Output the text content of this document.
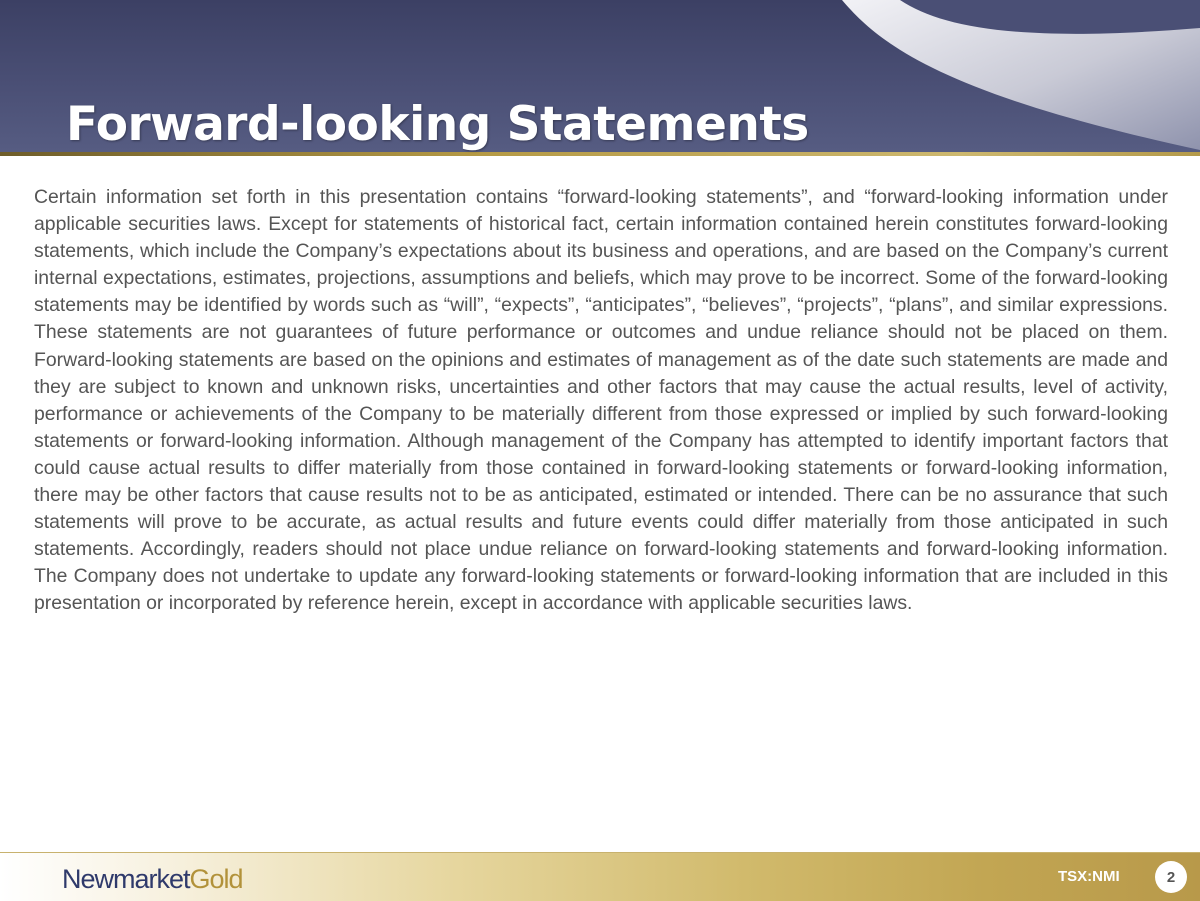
Forward-looking Statements

Certain information set forth in this presentation contains “forward-looking statements”, and “forward-looking information under applicable securities laws. Except for statements of historical fact, certain information contained herein constitutes forward-looking statements, which include the Company’s expectations about its business and operations, and are based on the Company’s current internal expectations, estimates, projections, assumptions and beliefs, which may prove to be incorrect. Some of the forward-looking statements may be identified by words such as “will”, “expects”, “anticipates”, “believes”, “projects”, “plans”, and similar expressions. These statements are not guarantees of future performance or outcomes and undue reliance should not be placed on them. Forward-looking statements are based on the opinions and estimates of management as of the date such statements are made and they are subject to known and unknown risks, uncertainties and other factors that may cause the actual results, level of activity, performance or achievements of the Company to be materially different from those expressed or implied by such forward-looking statements or forward-looking information. Although management of the Company has attempted to identify important factors that could cause actual results to differ materially from those contained in forward-looking statements or forward-looking information, there may be other factors that cause results not to be as anticipated, estimated or intended. There can be no assurance that such statements will prove to be accurate, as actual results and future events could differ materially from those anticipated in such statements. Accordingly, readers should not place undue reliance on forward-looking statements and forward-looking information. The Company does not undertake to update any forward-looking statements or forward-looking information that are included in this presentation or incorporated by reference herein, except in accordance with applicable securities laws.

NewmarketGold	TSX:NMI	2
